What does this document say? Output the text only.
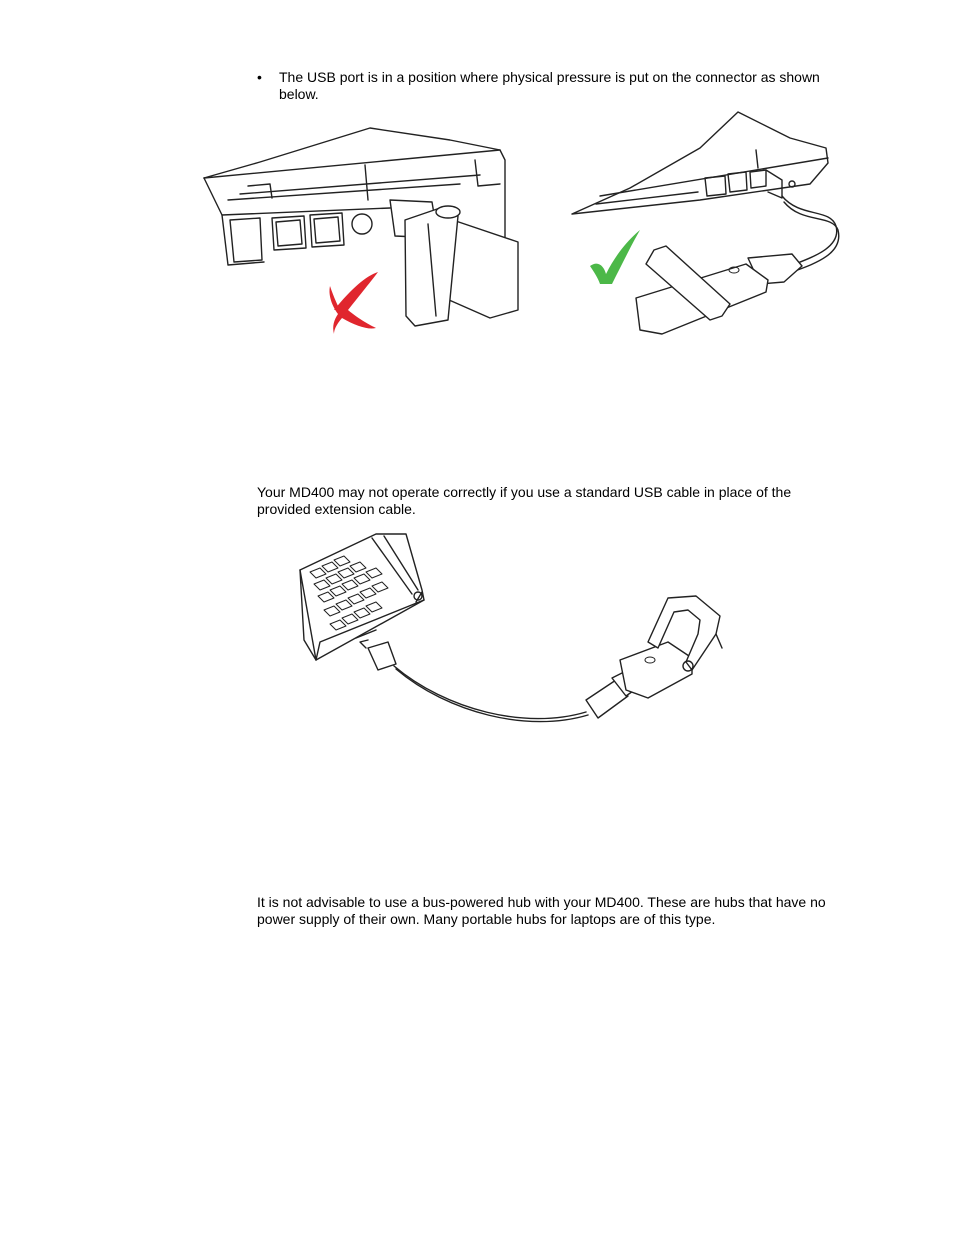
• The USB port is in a position where physical pressure is put on the connector as shown below.

Your MD400 may not operate correctly if you use a standard USB cable in place of the provided extension cable.

It is not advisable to use a bus-powered hub with your MD400. These are hubs that have no power supply of their own. Many portable hubs for laptops are of this type.
